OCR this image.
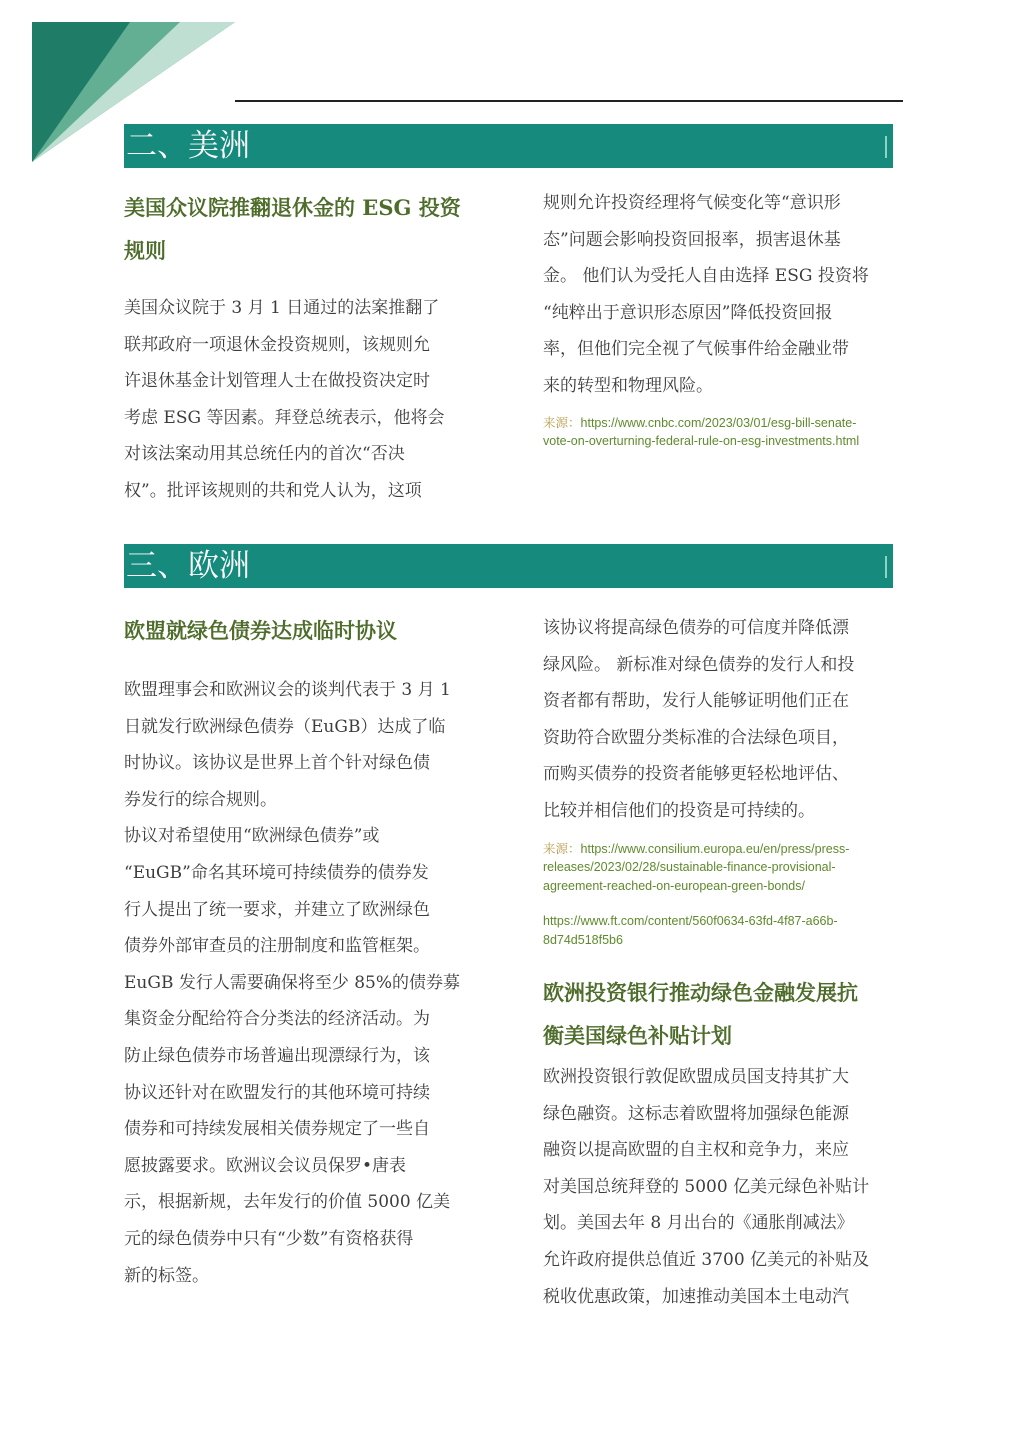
二、美洲

美国众议院推翻退休金的 ESG 投资
规则

美国众议院于 3 月 1 日通过的法案推翻了
联邦政府一项退休金投资规则，该规则允
许退休基金计划管理人士在做投资决定时
考虑 ESG 等因素。拜登总统表示，他将会
对该法案动用其总统任内的首次“否决
权”。批评该规则的共和党人认为，这项

规则允许投资经理将气候变化等“意识形
态”问题会影响投资回报率，损害退休基
金。 他们认为受托人自由选择 ESG 投资将
“纯粹出于意识形态原因”降低投资回报
率，但他们完全视了气候事件给金融业带
来的转型和物理风险。

来源：https://www.cnbc.com/2023/03/01/esg-bill-senate-
vote-on-overturning-federal-rule-on-esg-investments.html

三、欧洲

欧盟就绿色债券达成临时协议

欧盟理事会和欧洲议会的谈判代表于 3 月 1
日就发行欧洲绿色债券（EuGB）达成了临
时协议。该协议是世界上首个针对绿色债
券发行的综合规则。
协议对希望使用“欧洲绿色债券”或
“EuGB”命名其环境可持续债券的债券发
行人提出了统一要求，并建立了欧洲绿色
债券外部审查员的注册制度和监管框架。
EuGB 发行人需要确保将至少 85%的债券募
集资金分配给符合分类法的经济活动。为
防止绿色债券市场普遍出现漂绿行为，该
协议还针对在欧盟发行的其他环境可持续
债券和可持续发展相关债券规定了一些自
愿披露要求。欧洲议会议员保罗•唐表
示，根据新规，去年发行的价值 5000 亿美
元的绿色债券中只有“少数”有资格获得
新的标签。

该协议将提高绿色债券的可信度并降低漂
绿风险。 新标准对绿色债券的发行人和投
资者都有帮助，发行人能够证明他们正在
资助符合欧盟分类标准的合法绿色项目，
而购买债券的投资者能够更轻松地评估、
比较并相信他们的投资是可持续的。

来源：https://www.consilium.europa.eu/en/press/press-
releases/2023/02/28/sustainable-finance-provisional-
agreement-reached-on-european-green-bonds/

https://www.ft.com/content/560f0634-63fd-4f87-a66b-
8d74d518f5b6

欧洲投资银行推动绿色金融发展抗
衡美国绿色补贴计划

欧洲投资银行敦促欧盟成员国支持其扩大
绿色融资。这标志着欧盟将加强绿色能源
融资以提高欧盟的自主权和竞争力，来应
对美国总统拜登的 5000 亿美元绿色补贴计
划。美国去年 8 月出台的《通胀削减法》
允许政府提供总值近 3700 亿美元的补贴及
税收优惠政策，加速推动美国本土电动汽
